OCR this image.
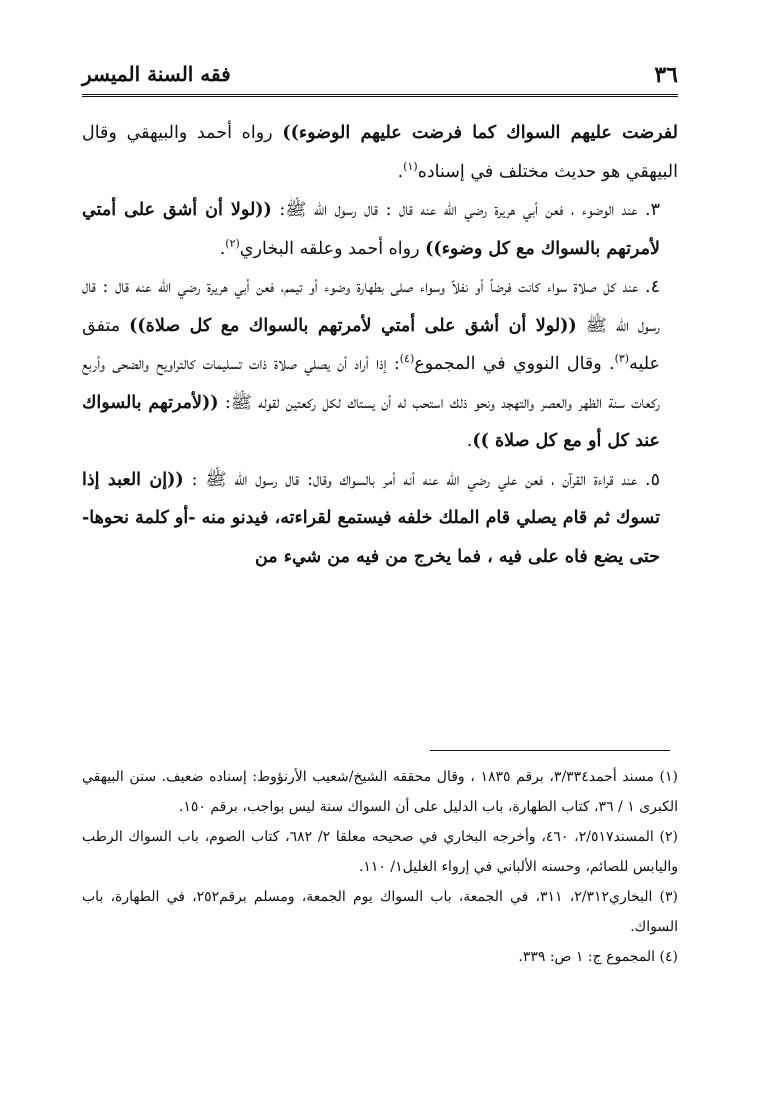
٣٦
فقه السنة الميسر

لفرضت عليهم السواك كما فرضت عليهم الوضوء)) رواه أحمد والبيهقي وقال البيهقي هو حديث مختلف في إسناده$^{(١)}$.

٣. عند الوضوء ، فعن أبي هريرة رضي الله عنه قال : قال رسول الله ﷺ: ((لولا أن أشق على أمتي لأمرتهم بالسواك مع كل وضوء)) رواه أحمد وعلقه البخاري$^{(٢)}$.

٤. عند كل صلاة سواء كانت فرضاً أو نفلاً وسواء صلى بطهارة وضوء أو تيمم، فعن أبي هريرة رضي الله عنه قال : قال رسول الله ﷺ ((لولا أن أشق على أمتي لأمرتهم بالسواك مع كل صلاة)) متفق عليه$^{(٣)}$. وقال النووي في المجموع$^{(٤)}$: إذا أراد أن يصلي صلاة ذات تسليمات كالتراويح والضحى وأربع ركعات سنة الظهر والعصر والتهجد ونحو ذلك استحب له أن يستاك لكل ركعتين لقوله ﷺ: ((لأمرتهم بالسواك عند كل أو مع كل صلاة )).

٥. عند قراءة القرآن ، فعن علي رضي الله عنه أنه أمر بالسواك وقال: قال رسول الله ﷺ : ((إن العبد إذا تسوك ثم قام يصلي قام الملك خلفه فيستمع لقراءته، فيدنو منه -أو كلمة نحوها- حتى يضع فاه على فيه ، فما يخرج من فيه من شيء من

(١) مسند أحمد٣/٣٣٤، برقم ١٨٣٥ ، وقال محققه الشيخ/شعيب الأرنؤوط: إسناده ضعيف. سنن البيهقي الكبرى ١ / ٣٦، كتاب الطهارة، باب الدليل على أن السواك سنة ليس بواجب، برقم ١٥٠.

(٢) المسند٢/٥١٧، ٤٦٠، وأخرجه البخاري في صحيحه معلقا ٢/ ٦٨٢، كتاب الصوم، باب السواك الرطب واليابس للصائم، وحسنه الألباني في إرواء الغليل١/ ١١٠.

(٣) البخاري٢/٣١٢، ٣١١، في الجمعة، باب السواك يوم الجمعة، ومسلم برقم٢٥٢، في الطهارة، باب السواك.

(٤) المجموع ج: ١ ص: ٣٣٩.
